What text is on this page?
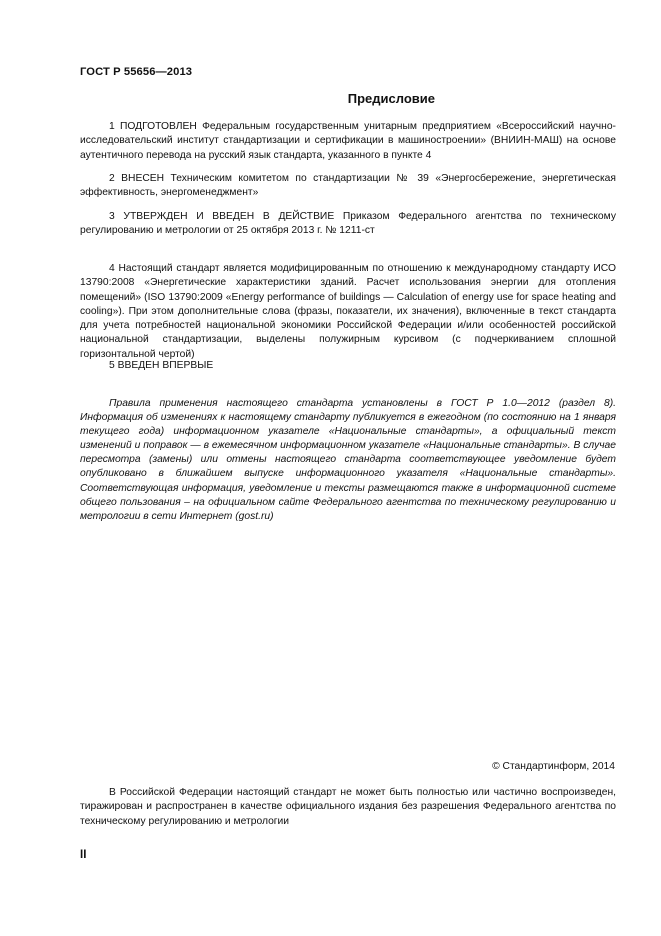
ГОСТ Р 55656—2013
Предисловие

1 ПОДГОТОВЛЕН Федеральным государственным унитарным предприятием «Всероссийский научно-исследовательский институт стандартизации и сертификации в машиностроении» (ВНИИН-МАШ) на основе аутентичного перевода на русский язык стандарта, указанного в пункте 4

2 ВНЕСЕН Техническим комитетом по стандартизации № 39 «Энергосбережение, энергетическая эффективность, энергоменеджмент»

3 УТВЕРЖДЕН И ВВЕДЕН В ДЕЙСТВИЕ Приказом Федерального агентства по техническому регулированию и метрологии от 25 октября 2013 г. № 1211-ст

4 Настоящий стандарт является модифицированным по отношению к международному стандарту ИСО 13790:2008 «Энергетические характеристики зданий. Расчет использования энергии для отопления помещений» (ISO 13790:2009 «Energy performance of buildings — Calculation of energy use for space heating and cooling»). При этом дополнительные слова (фразы, показатели, их значения), включенные в текст стандарта для учета потребностей национальной экономики Российской Федерации и/или особенностей российской национальной стандартизации, выделены полужирным курсивом (с подчеркиванием сплошной горизонтальной чертой)

5 ВВЕДЕН ВПЕРВЫЕ

Правила применения настоящего стандарта установлены в ГОСТ Р 1.0—2012 (раздел 8). Информация об изменениях к настоящему стандарту публикуется в ежегодном (по состоянию на 1 января текущего года) информационном указателе «Национальные стандарты», а официальный текст изменений и поправок — в ежемесячном информационном указателе «Национальные стандарты». В случае пересмотра (замены) или отмены настоящего стандарта соответствующее уведомление будет опубликовано в ближайшем выпуске информационного указателя «Национальные стандарты». Соответствующая информация, уведомление и тексты размещаются также в информационной системе общего пользования – на официальном сайте Федерального агентства по техническому регулированию и метрологии в сети Интернет (gost.ru)

© Стандартинформ, 2014

В Российской Федерации настоящий стандарт не может быть полностью или частично воспроизведен, тиражирован и распространен в качестве официального издания без разрешения Федерального агентства по техническому регулированию и метрологии

II
